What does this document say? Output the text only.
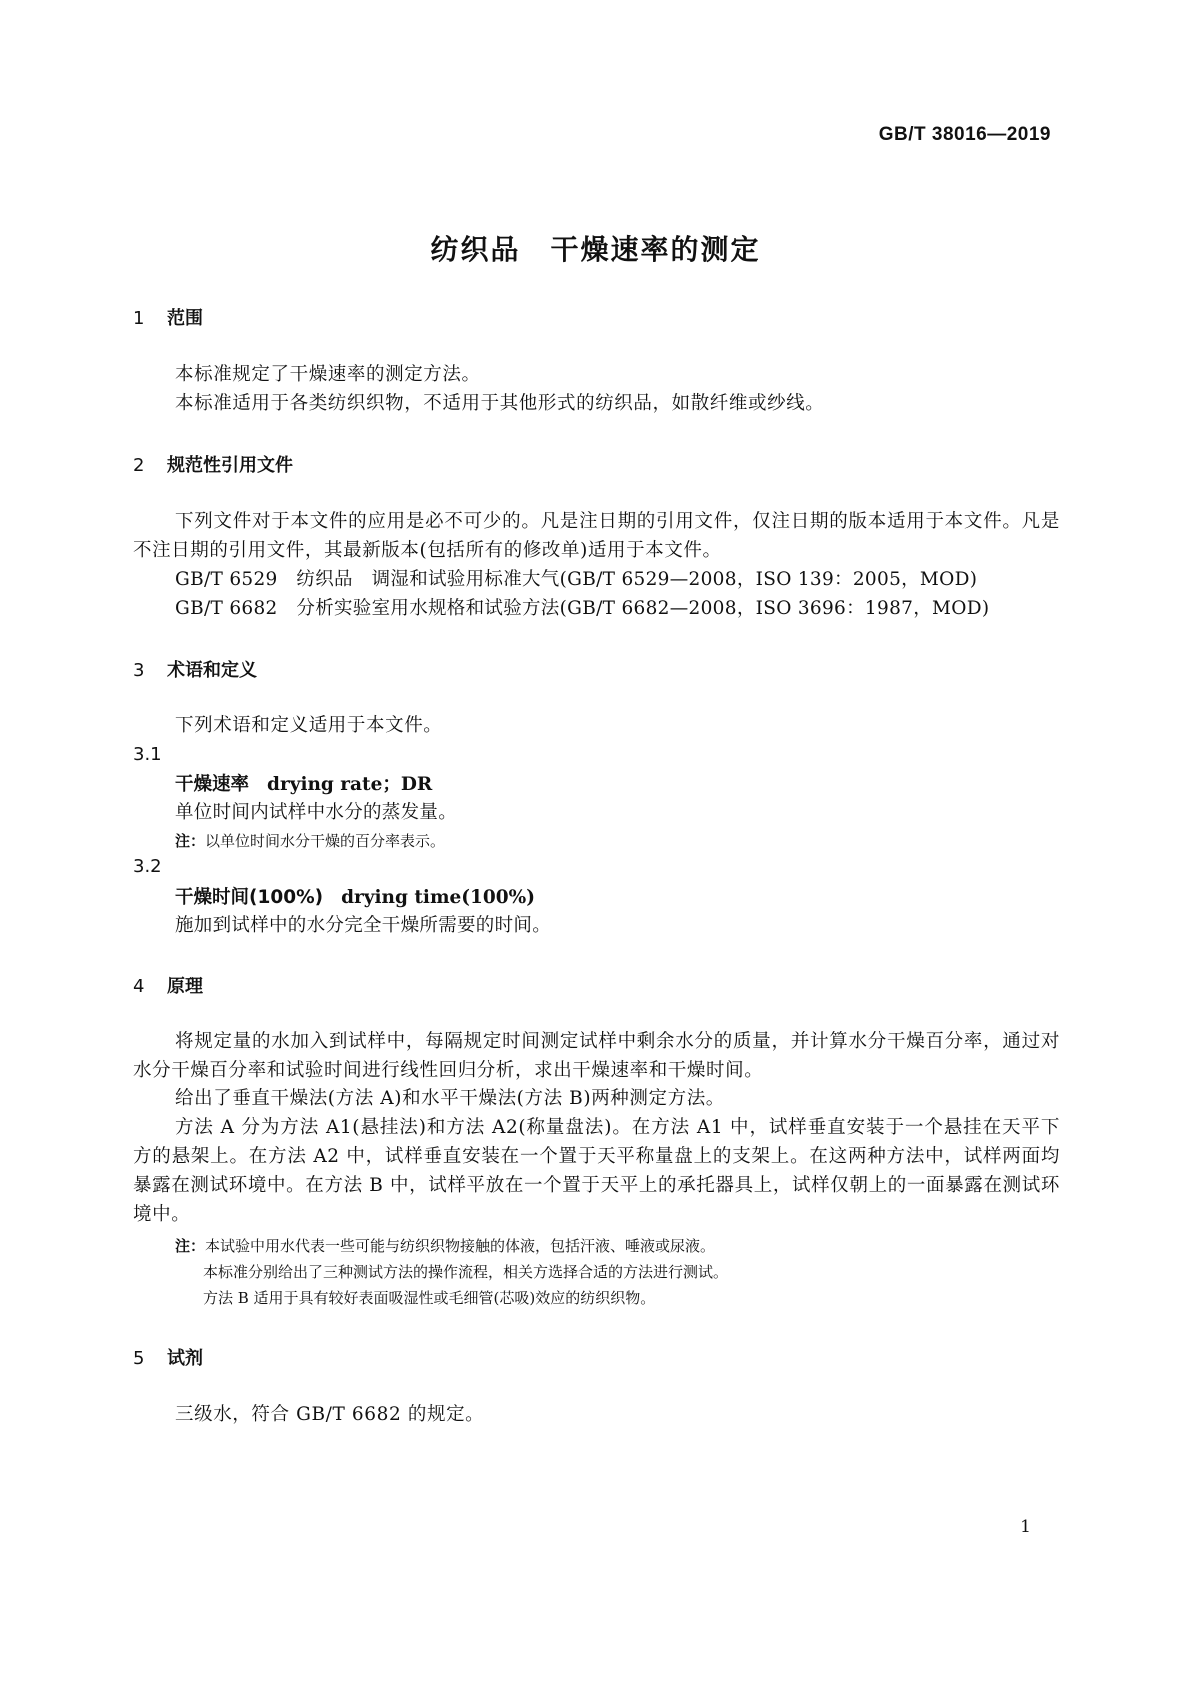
GB/T 38016—2019
纺织品　干燥速率的测定
1 范围
本标准规定了干燥速率的测定方法。
本标准适用于各类纺织织物，不适用于其他形式的纺织品，如散纤维或纱线。
2 规范性引用文件
下列文件对于本文件的应用是必不可少的。凡是注日期的引用文件，仅注日期的版本适用于本文件。凡是不注日期的引用文件，其最新版本(包括所有的修改单)适用于本文件。
GB/T 6529　纺织品　调湿和试验用标准大气(GB/T 6529—2008，ISO 139：2005，MOD)
GB/T 6682　分析实验室用水规格和试验方法(GB/T 6682—2008，ISO 3696：1987，MOD)
3 术语和定义
下列术语和定义适用于本文件。
3.1
干燥速率 drying rate；DR
单位时间内试样中水分的蒸发量。
注：以单位时间水分干燥的百分率表示。
3.2
干燥时间(100%) drying time(100%)
施加到试样中的水分完全干燥所需要的时间。
4 原理
将规定量的水加入到试样中，每隔规定时间测定试样中剩余水分的质量，并计算水分干燥百分率，通过对水分干燥百分率和试验时间进行线性回归分析，求出干燥速率和干燥时间。
给出了垂直干燥法(方法 A)和水平干燥法(方法 B)两种测定方法。
方法 A 分为方法 A1(悬挂法)和方法 A2(称量盘法)。在方法 A1 中，试样垂直安装于一个悬挂在天平下方的悬架上。在方法 A2 中，试样垂直安装在一个置于天平称量盘上的支架上。在这两种方法中，试样两面均暴露在测试环境中。在方法 B 中，试样平放在一个置于天平上的承托器具上，试样仅朝上的一面暴露在测试环境中。
注：本试验中用水代表一些可能与纺织织物接触的体液，包括汗液、唾液或尿液。
本标准分别给出了三种测试方法的操作流程，相关方选择合适的方法进行测试。
方法 B 适用于具有较好表面吸湿性或毛细管(芯吸)效应的纺织织物。
5 试剂
三级水，符合 GB/T 6682 的规定。
1
